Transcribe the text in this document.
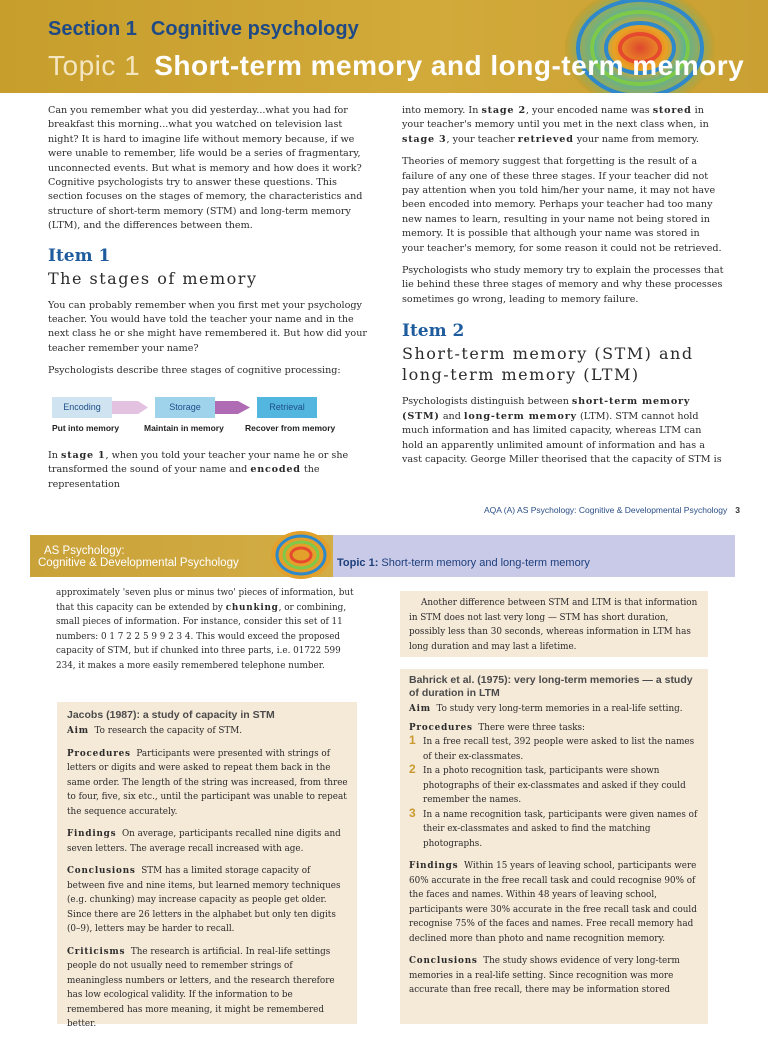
Section 1 Cognitive psychology
Topic 1 Short-term memory and long-term memory

Can you remember what you did yesterday...what you had for breakfast this morning...what you watched on television last night? It is hard to imagine life without memory because, if we were unable to remember, life would be a series of fragmentary, unconnected events. But what is memory and how does it work? Cognitive psychologists try to answer these questions. This section focuses on the stages of memory, the characteristics and structure of short-term memory (STM) and long-term memory (LTM), and the differences between them.

Item 1
The stages of memory

You can probably remember when you first met your psychology teacher. You would have told the teacher your name and in the next class he or she might have remembered it. But how did your teacher remember your name?

Psychologists describe three stages of cognitive processing:

Encoding
Put into memory
Storage
Maintain in memory
Retrieval
Recover from memory

In stage 1, when you told your teacher your name he or she transformed the sound of your name and encoded the representation

into memory. In stage 2, your encoded name was stored in your teacher's memory until you met in the next class when, in stage 3, your teacher retrieved your name from memory.

Theories of memory suggest that forgetting is the result of a failure of any one of these three stages. If your teacher did not pay attention when you told him/her your name, it may not have been encoded into memory. Perhaps your teacher had too many new names to learn, resulting in your name not being stored in memory. It is possible that although your name was stored in your teacher's memory, for some reason it could not be retrieved.

Psychologists who study memory try to explain the processes that lie behind these three stages of memory and why these processes sometimes go wrong, leading to memory failure.

Item 2
Short-term memory (STM) and long-term memory (LTM)

Psychologists distinguish between short-term memory (STM) and long-term memory (LTM). STM cannot hold much information and has limited capacity, whereas LTM can hold an apparently unlimited amount of information and has a vast capacity. George Miller theorised that the capacity of STM is

AQA (A) AS Psychology: Cognitive & Developmental Psychology 3
AS Psychology:
Cognitive & Developmental Psychology	Topic 1: Short-term memory and long-term memory

approximately 'seven plus or minus two' pieces of information, but that this capacity can be extended by chunking, or combining, small pieces of information. For instance, consider this set of 11 numbers: 0 1 7 2 2 5 9 9 2 3 4. This would exceed the proposed capacity of STM, but if chunked into three parts, i.e. 01722 599 234, it makes a more easily remembered telephone number.

Jacobs (1987): a study of capacity in STM

Aim To research the capacity of STM.

Procedures Participants were presented with strings of letters or digits and were asked to repeat them back in the same order. The length of the string was increased, from three to four, five, six etc., until the participant was unable to repeat the sequence accurately.

Findings On average, participants recalled nine digits and seven letters. The average recall increased with age.

Conclusions STM has a limited storage capacity of between five and nine items, but learned memory techniques (e.g. chunking) may increase capacity as people get older. Since there are 26 letters in the alphabet but only ten digits (0–9), letters may be harder to recall.

Criticisms The research is artificial. In real-life settings people do not usually need to remember strings of meaningless numbers or letters, and the research therefore has low ecological validity. If the information to be remembered has more meaning, it might be remembered better.

Another difference between STM and LTM is that information in STM does not last very long — STM has short duration, possibly less than 30 seconds, whereas information in LTM has long duration and may last a lifetime.

Bahrick et al. (1975): very long-term memories — a study of duration in LTM

Aim To study very long-term memories in a real-life setting.

Procedures There were three tasks:

1 In a free recall test, 392 people were asked to list the names of their ex-classmates.
2 In a photo recognition task, participants were shown photographs of their ex-classmates and asked if they could remember the names.
3 In a name recognition task, participants were given names of their ex-classmates and asked to find the matching photographs.

Findings Within 15 years of leaving school, participants were 60% accurate in the free recall task and could recognise 90% of the faces and names. Within 48 years of leaving school, participants were 30% accurate in the free recall task and could recognise 75% of the faces and names. Free recall memory had declined more than photo and name recognition memory.

Conclusions The study shows evidence of very long-term memories in a real-life setting. Since recognition was more accurate than free recall, there may be information stored
